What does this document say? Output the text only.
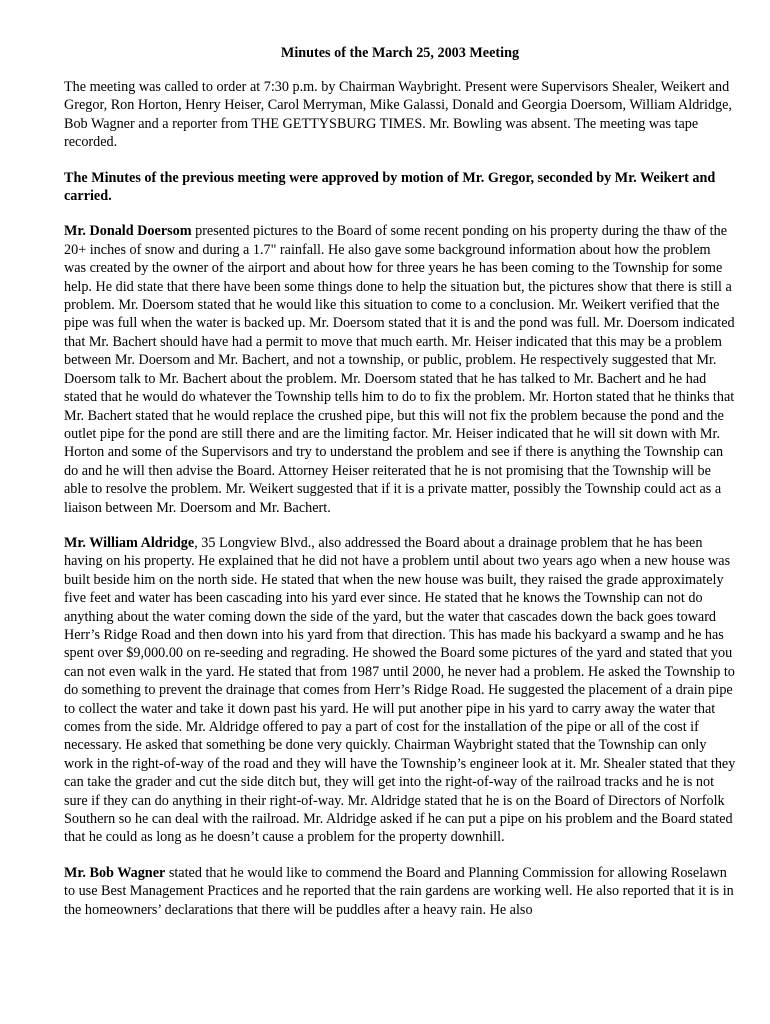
Minutes of the March 25, 2003 Meeting

The meeting was called to order at 7:30 p.m. by Chairman Waybright. Present were Supervisors Shealer, Weikert and Gregor, Ron Horton, Henry Heiser, Carol Merryman, Mike Galassi, Donald and Georgia Doersom, William Aldridge, Bob Wagner and a reporter from THE GETTYSBURG TIMES. Mr. Bowling was absent. The meeting was tape recorded.

The Minutes of the previous meeting were approved by motion of Mr. Gregor, seconded by Mr. Weikert and carried.

Mr. Donald Doersom presented pictures to the Board of some recent ponding on his property during the thaw of the 20+ inches of snow and during a 1.7" rainfall. He also gave some background information about how the problem was created by the owner of the airport and about how for three years he has been coming to the Township for some help. He did state that there have been some things done to help the situation but, the pictures show that there is still a problem. Mr. Doersom stated that he would like this situation to come to a conclusion. Mr. Weikert verified that the pipe was full when the water is backed up. Mr. Doersom stated that it is and the pond was full. Mr. Doersom indicated that Mr. Bachert should have had a permit to move that much earth. Mr. Heiser indicated that this may be a problem between Mr. Doersom and Mr. Bachert, and not a township, or public, problem. He respectively suggested that Mr. Doersom talk to Mr. Bachert about the problem. Mr. Doersom stated that he has talked to Mr. Bachert and he had stated that he would do whatever the Township tells him to do to fix the problem. Mr. Horton stated that he thinks that Mr. Bachert stated that he would replace the crushed pipe, but this will not fix the problem because the pond and the outlet pipe for the pond are still there and are the limiting factor. Mr. Heiser indicated that he will sit down with Mr. Horton and some of the Supervisors and try to understand the problem and see if there is anything the Township can do and he will then advise the Board. Attorney Heiser reiterated that he is not promising that the Township will be able to resolve the problem. Mr. Weikert suggested that if it is a private matter, possibly the Township could act as a liaison between Mr. Doersom and Mr. Bachert.

Mr. William Aldridge, 35 Longview Blvd., also addressed the Board about a drainage problem that he has been having on his property. He explained that he did not have a problem until about two years ago when a new house was built beside him on the north side. He stated that when the new house was built, they raised the grade approximately five feet and water has been cascading into his yard ever since. He stated that he knows the Township can not do anything about the water coming down the side of the yard, but the water that cascades down the back goes toward Herr’s Ridge Road and then down into his yard from that direction. This has made his backyard a swamp and he has spent over $9,000.00 on re-seeding and regrading. He showed the Board some pictures of the yard and stated that you can not even walk in the yard. He stated that from 1987 until 2000, he never had a problem. He asked the Township to do something to prevent the drainage that comes from Herr’s Ridge Road. He suggested the placement of a drain pipe to collect the water and take it down past his yard. He will put another pipe in his yard to carry away the water that comes from the side. Mr. Aldridge offered to pay a part of cost for the installation of the pipe or all of the cost if necessary. He asked that something be done very quickly. Chairman Waybright stated that the Township can only work in the right-of-way of the road and they will have the Township’s engineer look at it. Mr. Shealer stated that they can take the grader and cut the side ditch but, they will get into the right-of-way of the railroad tracks and he is not sure if they can do anything in their right-of-way. Mr. Aldridge stated that he is on the Board of Directors of Norfolk Southern so he can deal with the railroad. Mr. Aldridge asked if he can put a pipe on his problem and the Board stated that he could as long as he doesn’t cause a problem for the property downhill.

Mr. Bob Wagner stated that he would like to commend the Board and Planning Commission for allowing Roselawn to use Best Management Practices and he reported that the rain gardens are working well. He also reported that it is in the homeowners’ declarations that there will be puddles after a heavy rain. He also
